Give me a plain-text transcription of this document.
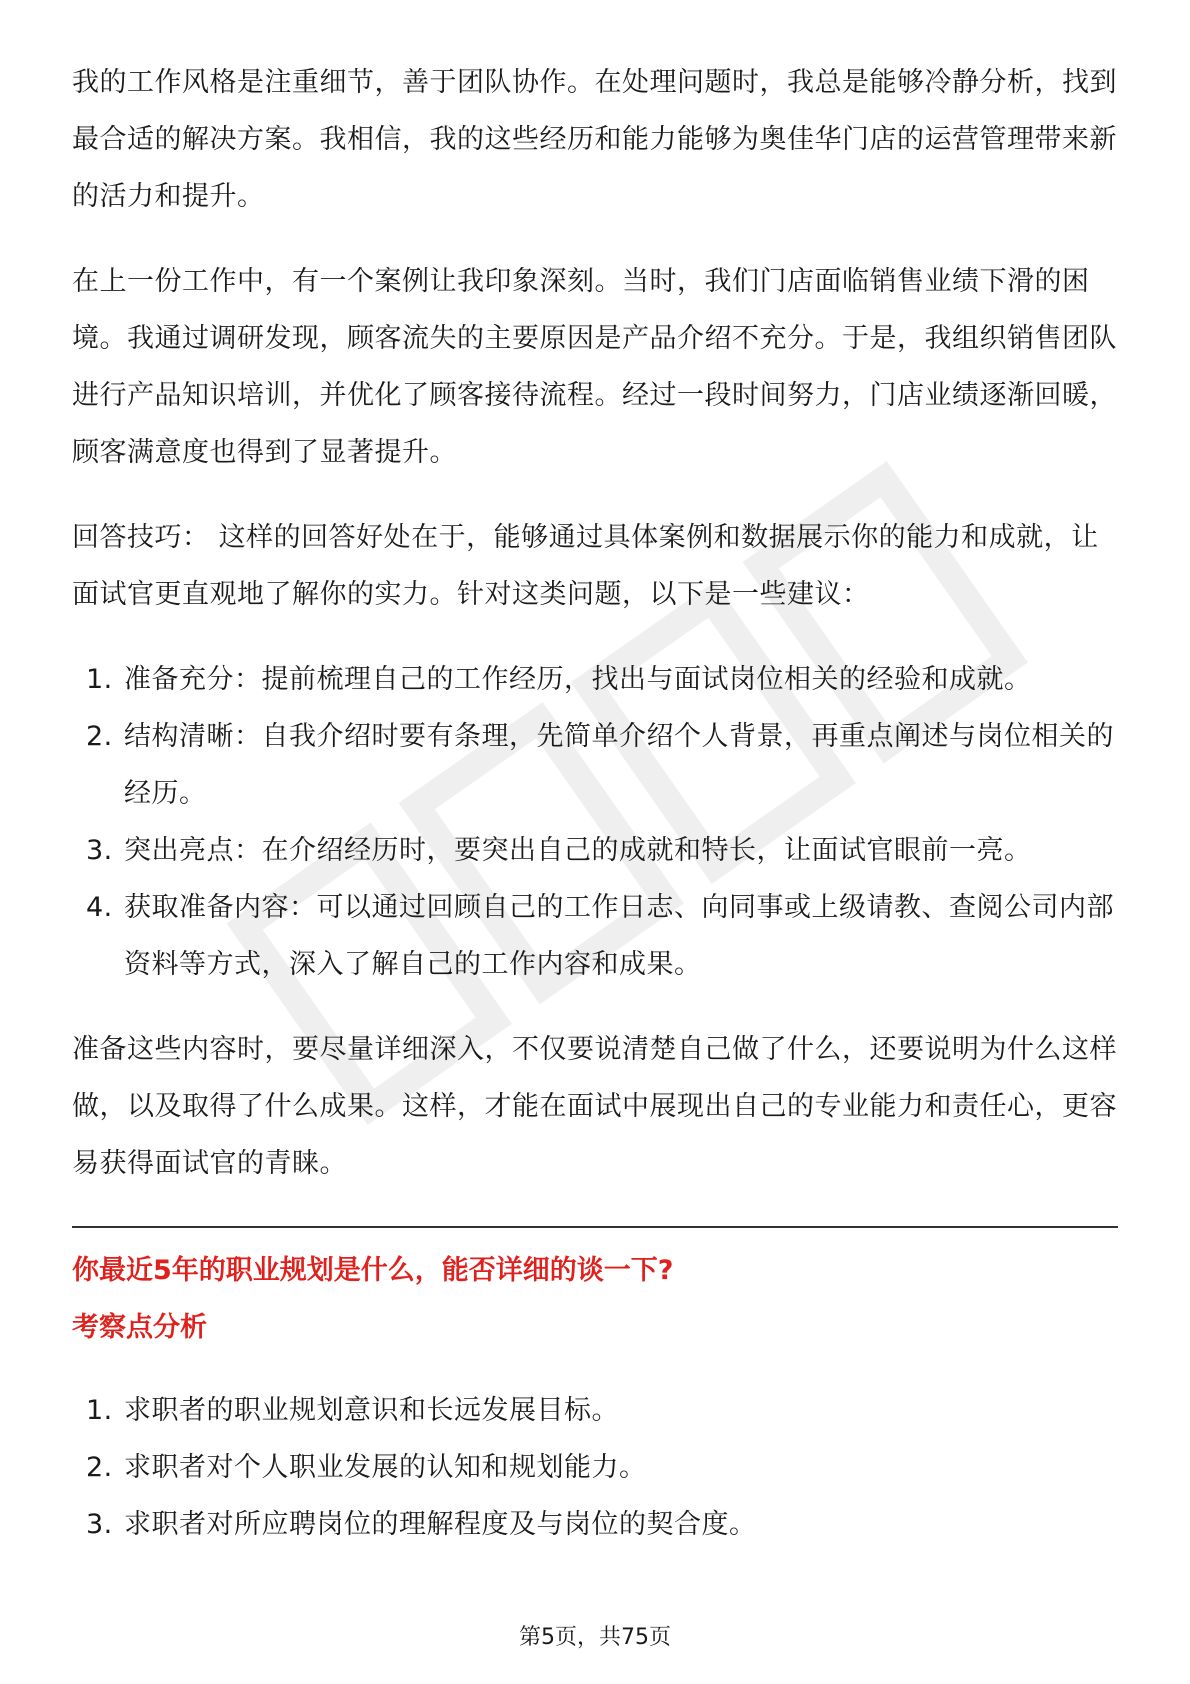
我的工作风格是注重细节，善于团队协作。在处理问题时，我总是能够冷静分析，找到最合适的解决方案。我相信，我的这些经历和能力能够为奥佳华门店的运营管理带来新的活力和提升。

在上一份工作中，有一个案例让我印象深刻。当时，我们门店面临销售业绩下滑的困境。我通过调研发现，顾客流失的主要原因是产品介绍不充分。于是，我组织销售团队进行产品知识培训，并优化了顾客接待流程。经过一段时间努力，门店业绩逐渐回暖，顾客满意度也得到了显著提升。

回答技巧： 这样的回答好处在于，能够通过具体案例和数据展示你的能力和成就，让面试官更直观地了解你的实力。针对这类问题，以下是一些建议：

1. 准备充分：提前梳理自己的工作经历，找出与面试岗位相关的经验和成就。
2. 结构清晰：自我介绍时要有条理，先简单介绍个人背景，再重点阐述与岗位相关的经历。
3. 突出亮点：在介绍经历时，要突出自己的成就和特长，让面试官眼前一亮。
4. 获取准备内容：可以通过回顾自己的工作日志、向同事或上级请教、查阅公司内部资料等方式，深入了解自己的工作内容和成果。

准备这些内容时，要尽量详细深入，不仅要说清楚自己做了什么，还要说明为什么这样做，以及取得了什么成果。这样，才能在面试中展现出自己的专业能力和责任心，更容易获得面试官的青睐。

你最近5年的职业规划是什么，能否详细的谈一下?

考察点分析

1. 求职者的职业规划意识和长远发展目标。
2. 求职者对个人职业发展的认知和规划能力。
3. 求职者对所应聘岗位的理解程度及与岗位的契合度。
第5页，共75页
